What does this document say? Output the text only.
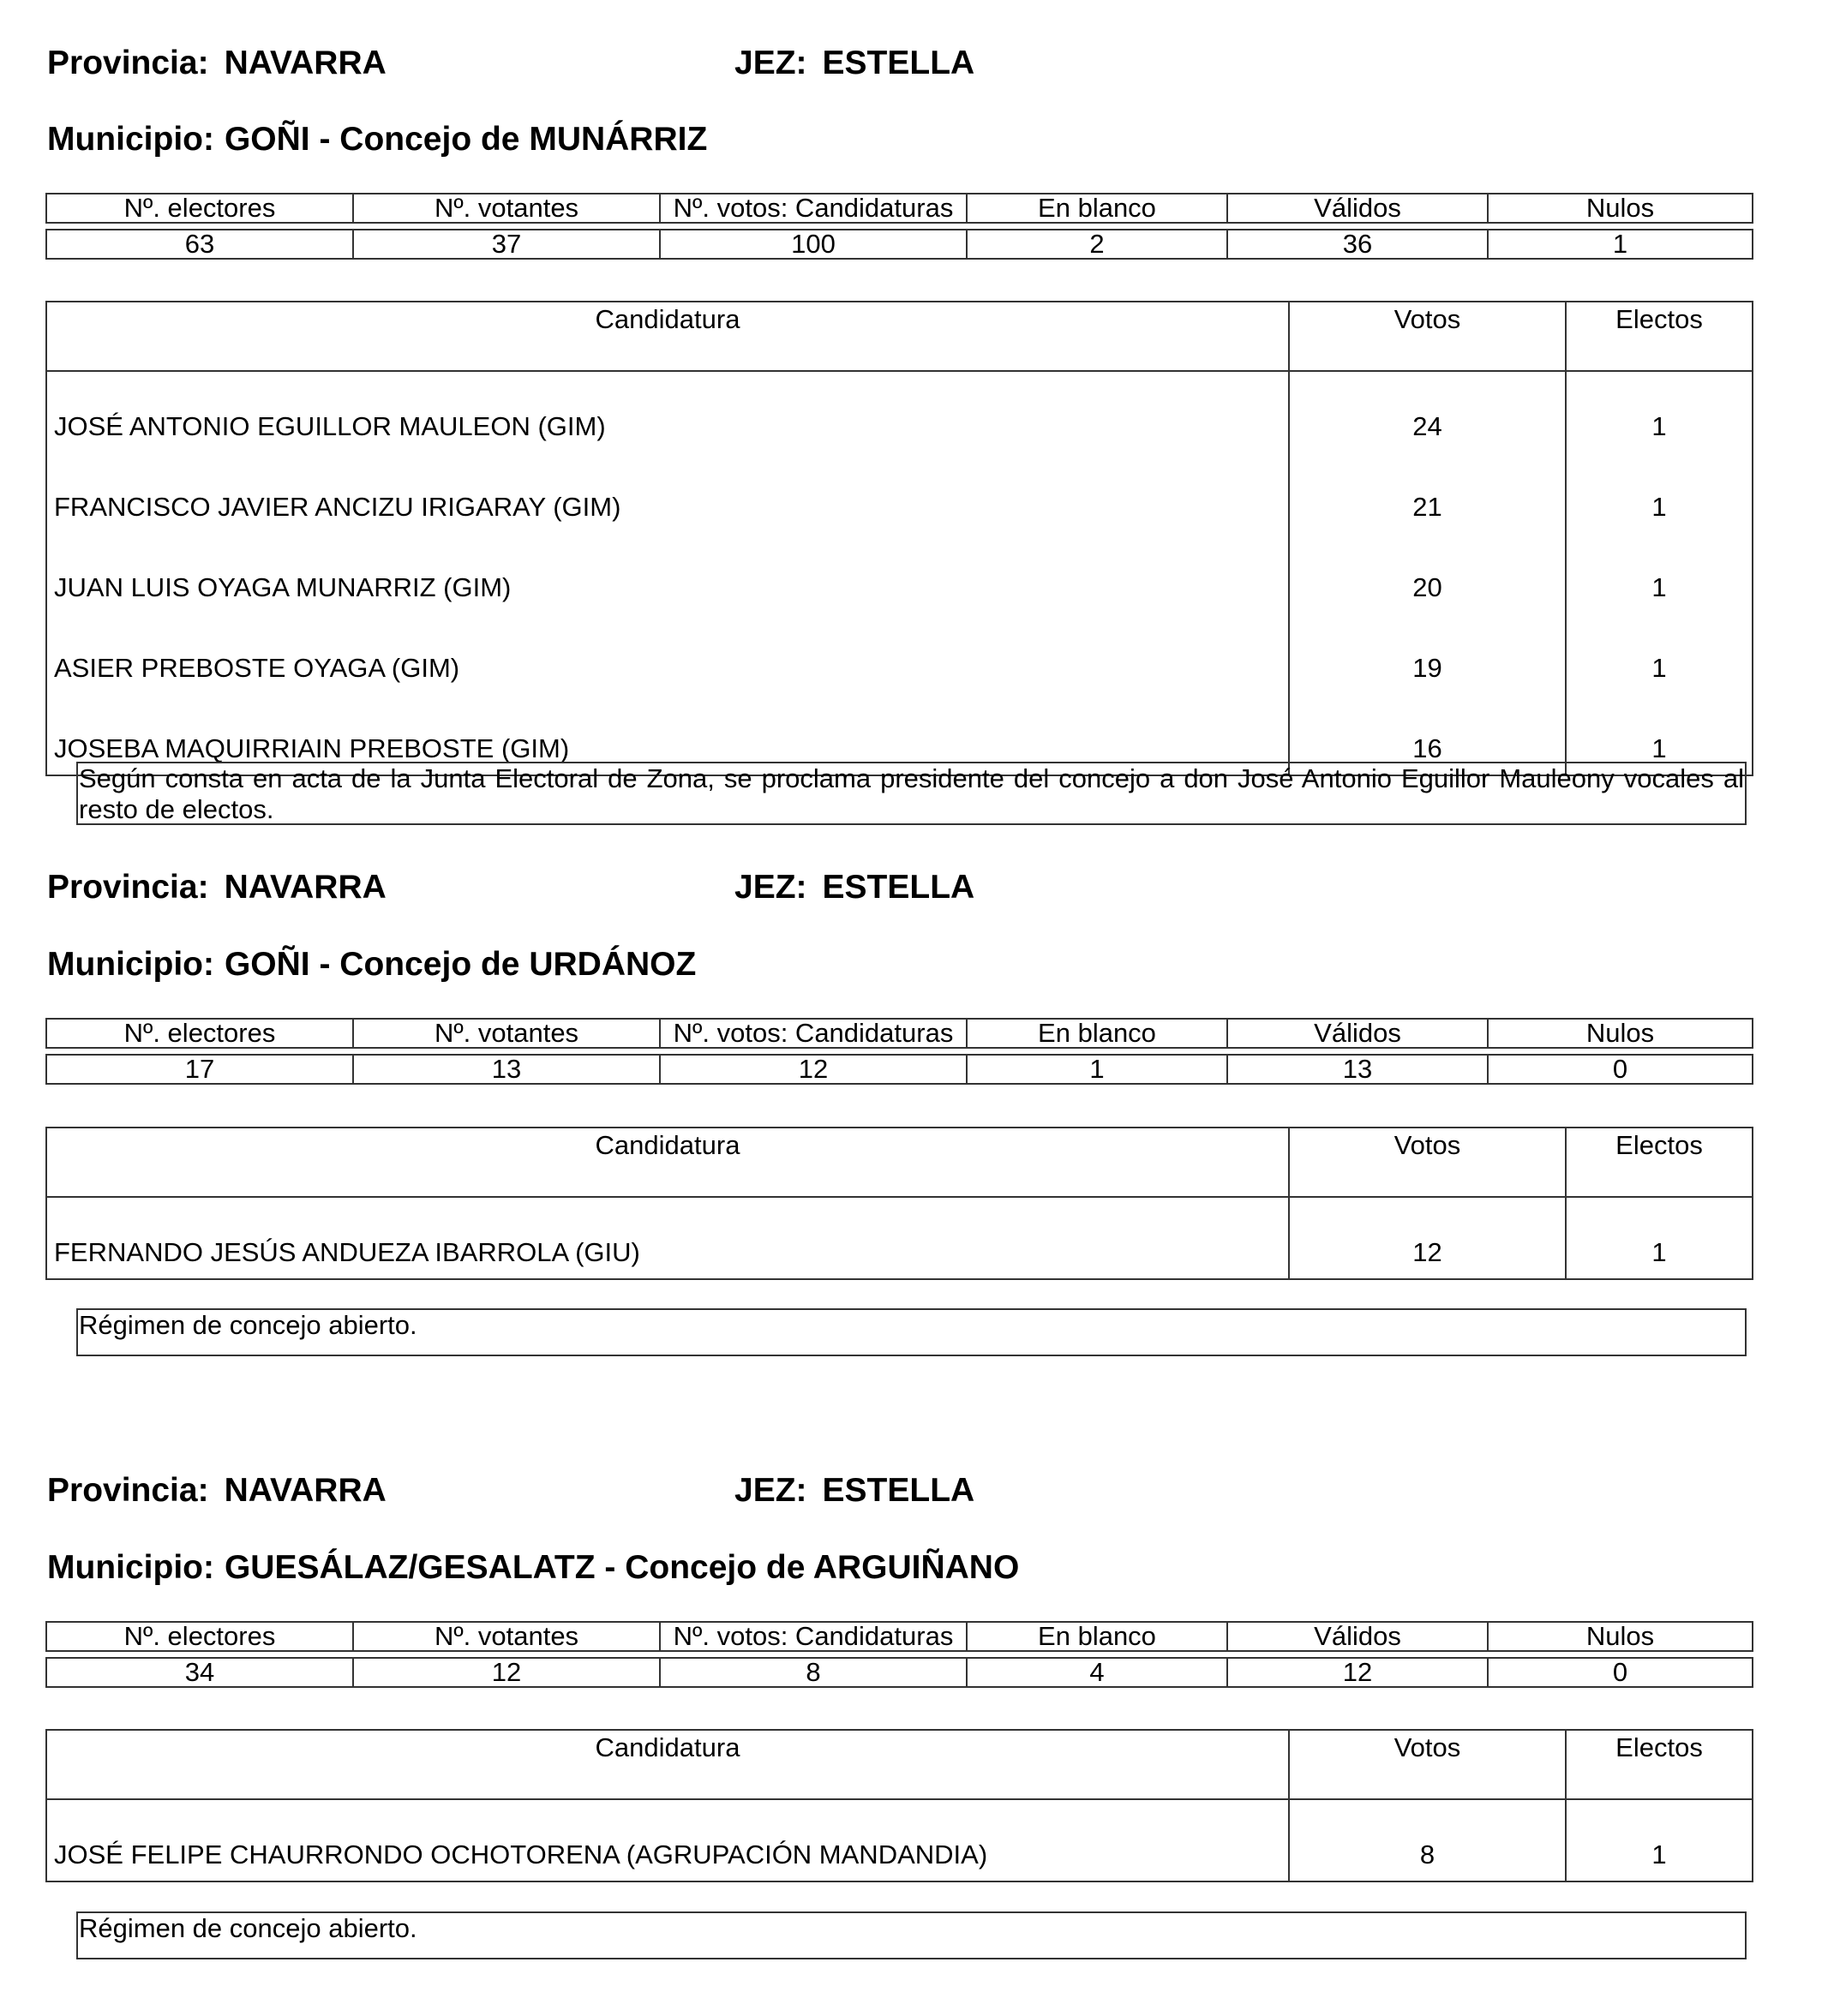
Provincia: NAVARRA	JEZ: ESTELLA
Municipio: GOÑI - Concejo de MUNÁRRIZ
Nº. electores	Nº. votantes	Nº. votos: Candidaturas	En blanco	Válidos	Nulos

63	37	100	2	36	1
Candidatura	Votos	Electos
JOSÉ ANTONIO EGUILLOR MAULEON (GIM)	24	1
FRANCISCO JAVIER ANCIZU IRIGARAY (GIM)	21	1
JUAN LUIS OYAGA MUNARRIZ (GIM)	20	1
ASIER PREBOSTE OYAGA (GIM)	19	1
JOSEBA MAQUIRRIAIN PREBOSTE (GIM)	16	1
Según consta en acta de la Junta Electoral de Zona, se proclama presidente del concejo a don José Antonio Eguillor Mauleony vocales al resto de electos.
Provincia: NAVARRA	JEZ: ESTELLA
Municipio: GOÑI - Concejo de URDÁNOZ
Nº. electores	Nº. votantes	Nº. votos: Candidaturas	En blanco	Válidos	Nulos

17	13	12	1	13	0
Candidatura	Votos	Electos
FERNANDO JESÚS ANDUEZA IBARROLA (GIU)	12	1
Régimen de concejo abierto.
Provincia: NAVARRA	JEZ: ESTELLA
Municipio: GUESÁLAZ/GESALATZ - Concejo de ARGUIÑANO
Nº. electores	Nº. votantes	Nº. votos: Candidaturas	En blanco	Válidos	Nulos

34	12	8	4	12	0
Candidatura	Votos	Electos
JOSÉ FELIPE CHAURRONDO OCHOTORENA (AGRUPACIÓN MANDANDIA)	8	1
Régimen de concejo abierto.
